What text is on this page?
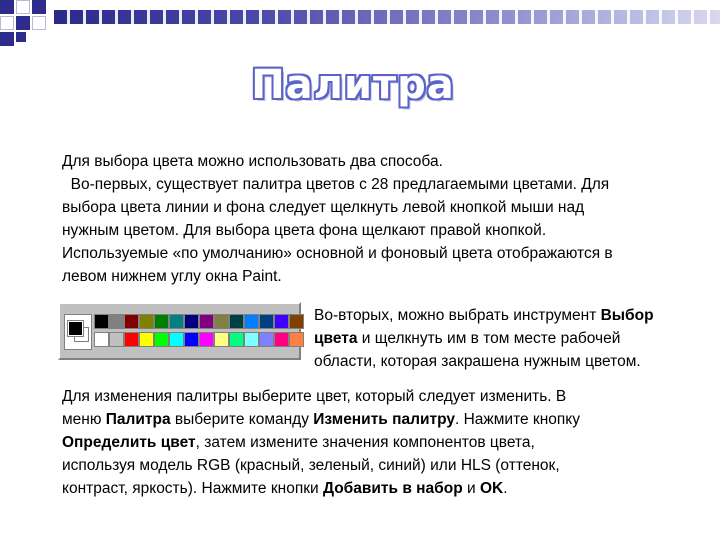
Палитра
Для выбора цвета можно использовать два способа.
Во-первых, существует палитра цветов с 28 предлагаемыми цветами. Для
выбора цвета линии и фона следует щелкнуть левой кнопкой мыши над
нужным цветом. Для выбора цвета фона щелкают правой кнопкой.
Используемые «по умолчанию» основной и фоновый цвета отображаются в
левом нижнем углу окна Paint.
Во-вторых, можно выбрать инструмент Выбор
цвета и щелкнуть им в том месте рабочей
области, которая закрашена нужным цветом.
Для изменения палитры выберите цвет, который следует изменить. В
меню Палитра выберите команду Изменить палитру. Нажмите кнопку
Определить цвет, затем измените значения компонентов цвета,
используя модель RGB (красный, зеленый, синий) или HLS (оттенок,
контраст, яркость). Нажмите кнопки Добавить в набор и OK.
